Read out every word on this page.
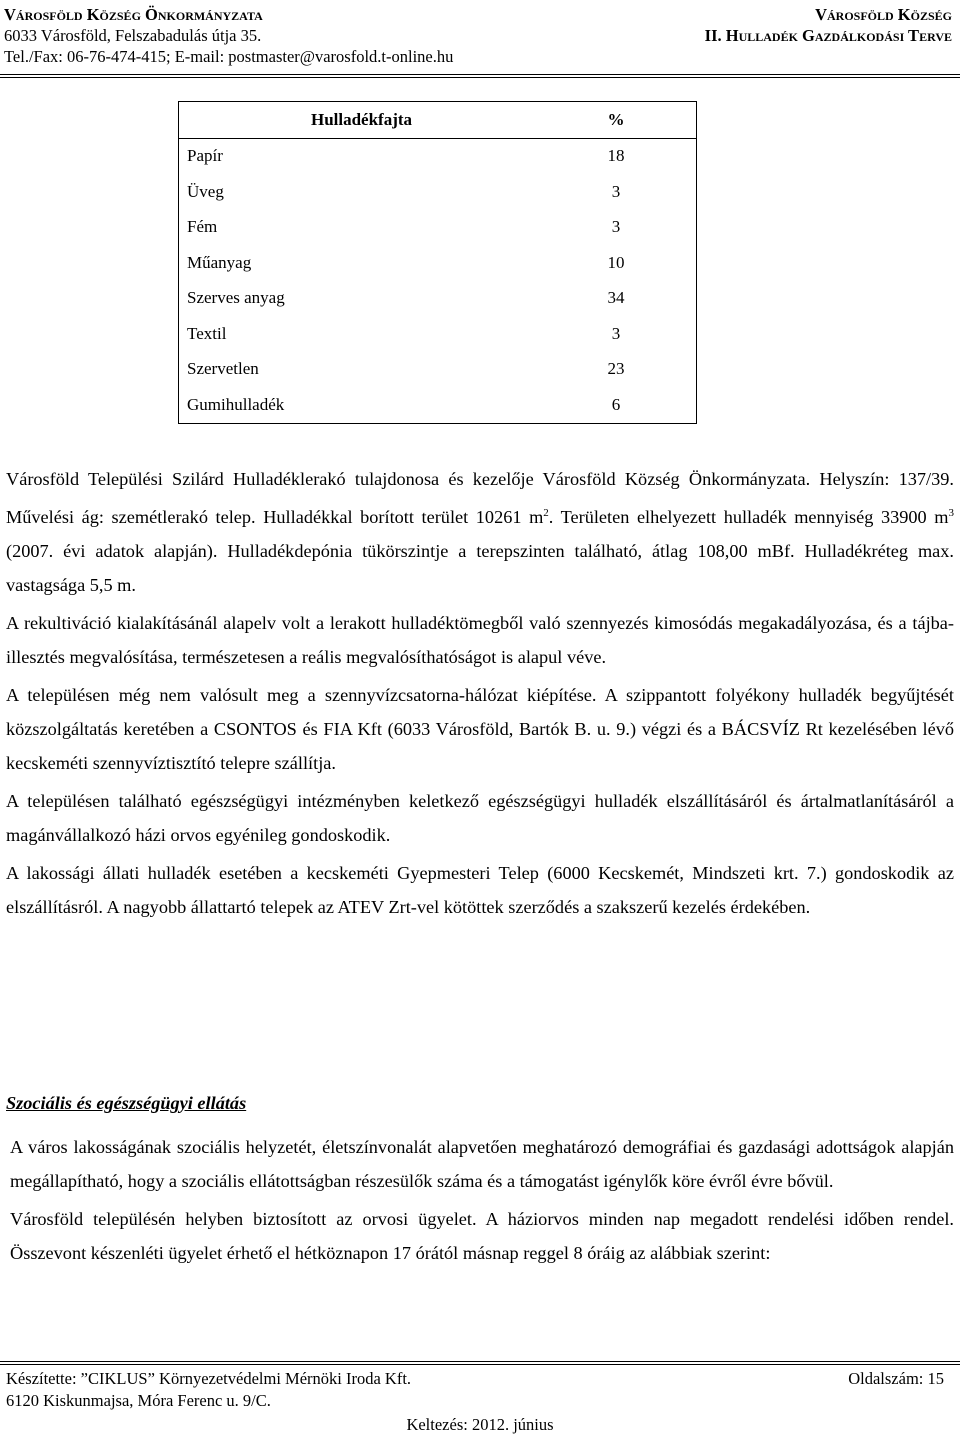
Városföld Község Önkormányzata
6033 Városföld, Felszabadulás útja 35.
Tel./Fax: 06-76-474-415; E-mail: postmaster@varosfold.t-online.hu
Városföld Község
II. Hulladék Gazdálkodási Terve
Hulladékfajta	%
Papír	18
Üveg	3
Fém	3
Műanyag	10
Szerves anyag	34
Textil	3
Szervetlen	23
Gumihulladék	6

Városföld Települési Szilárd Hulladéklerakó tulajdonosa és kezelője Városföld Község Önkormányzata. Helyszín: 137/39. Művelési ág: szemétlerakó telep. Hulladékkal borított terület 10261 $m^2$. Területen elhelyezett hulladék mennyiség 33900 $m^3$ (2007. évi adatok alapján). Hulladékdepónia tükörszintje a terepszinten található, átlag 108,00 mBf. Hulladékréteg max. vastagsága 5,5 m.

A rekultiváció kialakításánál alapelv volt a lerakott hulladéktömegből való szennyezés kimosódás megakadályozása, és a tájba-illesztés megvalósítása, természetesen a reális megvalósíthatóságot is alapul véve.

A településen még nem valósult meg a szennyvízcsatorna-hálózat kiépítése. A szippantott folyékony hulladék begyűjtését közszolgáltatás keretében a CSONTOS és FIA Kft (6033 Városföld, Bartók B. u. 9.) végzi és a BÁCSVÍZ Rt kezelésében lévő kecskeméti szennyvíztisztító telepre szállítja.

A településen található egészségügyi intézményben keletkező egészségügyi hulladék elszállításáról és ártalmatlanításáról a magánvállalkozó házi orvos egyénileg gondoskodik.

A lakossági állati hulladék esetében a kecskeméti Gyepmesteri Telep (6000 Kecskemét, Mindszeti krt. 7.) gondoskodik az elszállításról. A nagyobb állattartó telepek az ATEV Zrt-vel kötöttek szerződés a szakszerű kezelés érdekében.

Szociális és egészségügyi ellátás

A város lakosságának szociális helyzetét, életszínvonalát alapvetően meghatározó demográfiai és gazdasági adottságok alapján megállapítható, hogy a szociális ellátottságban részesülők száma és a támogatást igénylők köre évről évre bővül.

Városföld településén helyben biztosított az orvosi ügyelet. A háziorvos minden nap megadott rendelési időben rendel. Összevont készenléti ügyelet érhető el hétköznapon 17 órától másnap reggel 8 óráig az alábbiak szerint:

Készítette: ”CIKLUS” Környezetvédelmi Mérnöki Iroda Kft.
6120 Kiskunmajsa, Móra Ferenc u. 9/C.
Oldalszám: 15
Keltezés: 2012. június
